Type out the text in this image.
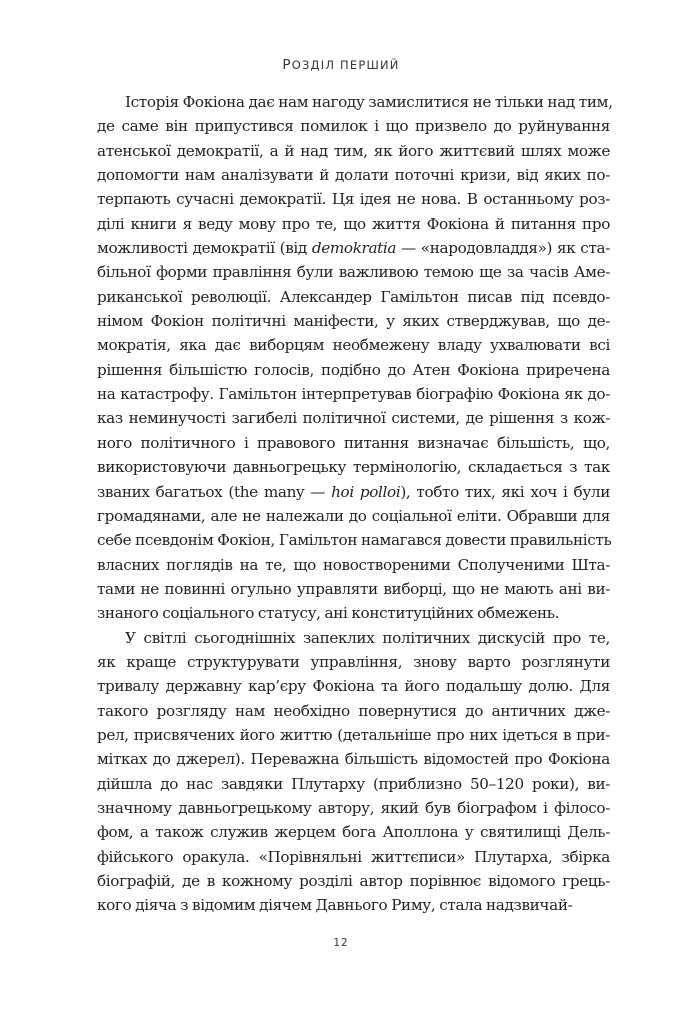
РОЗДІЛ ПЕРШИЙ
Історія Фокіона дає нам нагоду замислитися не тільки над тим,
де саме він припустився помилок і що призвело до руйнування
атенської демократії, а й над тим, як його життєвий шлях може
допомогти нам аналізувати й долати поточні кризи, від яких по-
терпають сучасні демократії. Ця ідея не нова. В останньому роз-
ділі книги я веду мову про те, що життя Фокіона й питання про
можливості демократії (від demokratia — «народовладдя») як ста-
більної форми правління були важливою темою ще за часів Аме-
риканської революції. Александер Гамільтон писав під псевдо-
німом Фокіон політичні маніфести, у яких стверджував, що де-
мократія, яка дає виборцям необмежену владу ухвалювати всі
рішення більшістю голосів, подібно до Атен Фокіона приречена
на катастрофу. Гамільтон інтерпретував біографію Фокіона як до-
каз неминучості загибелі політичної системи, де рішення з кож-
ного політичного і правового питання визначає більшість, що,
використовуючи давньогрецьку термінологію, складається з так
званих багатьох (the many — hoi polloi), тобто тих, які хоч і були
громадянами, але не належали до соціальної еліти. Обравши для
себе псевдонім Фокіон, Гамільтон намагався довести правильність
власних поглядів на те, що новоствореними Сполученими Шта-
тами не повинні огульно управляти виборці, що не мають ані ви-
знаного соціального статусу, ані конституційних обмежень.
У світлі сьогоднішніх запеклих політичних дискусій про те,
як краще структурувати управління, знову варто розглянути
тривалу державну кар’єру Фокіона та його подальшу долю. Для
такого розгляду нам необхідно повернутися до античних дже-
рел, присвячених його життю (детальніше про них ідеться в при-
мітках до джерел). Переважна більшість відомостей про Фокіона
дійшла до нас завдяки Плутарху (приблизно 50–120 роки), ви-
значному давньогрецькому автору, який був біографом і філосо-
фом, а також служив жерцем бога Аполлона у святилищі Дель-
фійського оракула. «Порівняльні життєписи» Плутарха, збірка
біографій, де в кожному розділі автор порівнює відомого грець-
кого діяча з відомим діячем Давнього Риму, стала надзвичай-
12
